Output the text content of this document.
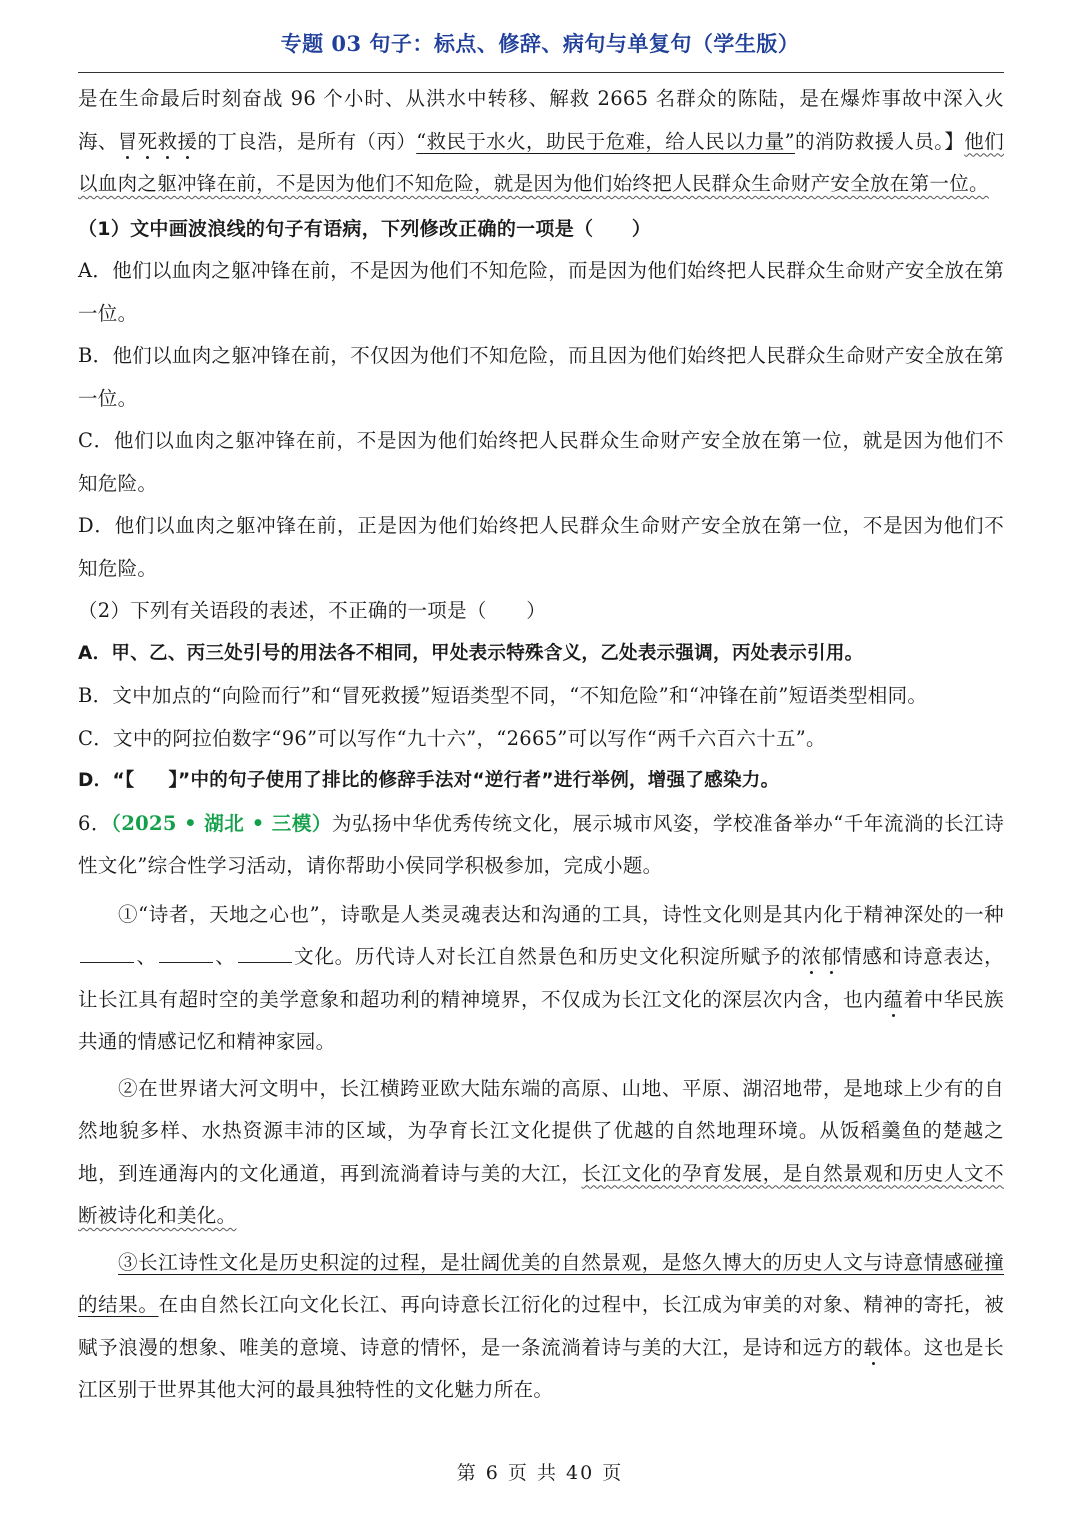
专题 03 句子：标点、修辞、病句与单复句（学生版）

是在生命最后时刻奋战 96 个小时、从洪水中转移、解救 2665 名群众的陈陆，是在爆炸事故中深入火海、冒死救援的丁良浩，是所有（丙）“救民于水火，助民于危难，给人民以力量”的消防救援人员。】他们以血肉之躯冲锋在前，不是因为他们不知危险，就是因为他们始终把人民群众生命财产安全放在第一位。

（1）文中画波浪线的句子有语病，下列修改正确的一项是（　　）

A．他们以血肉之躯冲锋在前，不是因为他们不知危险，而是因为他们始终把人民群众生命财产安全放在第一位。

B．他们以血肉之躯冲锋在前，不仅因为他们不知危险，而且因为他们始终把人民群众生命财产安全放在第一位。

C．他们以血肉之躯冲锋在前，不是因为他们始终把人民群众生命财产安全放在第一位，就是因为他们不知危险。

D．他们以血肉之躯冲锋在前，正是因为他们始终把人民群众生命财产安全放在第一位，不是因为他们不知危险。

（2）下列有关语段的表述，不正确的一项是（　　）

A．甲、乙、丙三处引号的用法各不相同，甲处表示特殊含义，乙处表示强调，丙处表示引用。

B．文中加点的“向险而行”和“冒死救援”短语类型不同，“不知危险”和“冲锋在前”短语类型相同。

C．文中的阿拉伯数字“96”可以写作“九十六”，“2665”可以写作“两千六百六十五”。

D．“【 】”中的句子使用了排比的修辞手法对“逆行者”进行举例，增强了感染力。

6．（2025 • 湖北 • 三模）为弘扬中华优秀传统文化，展示城市风姿，学校准备举办“千年流淌的长江诗性文化”综合性学习活动，请你帮助小侯同学积极参加，完成小题。

①“诗者，天地之心也”，诗歌是人类灵魂表达和沟通的工具，诗性文化则是其内化于精神深处的一种、	、	文化。历代诗人对长江自然景色和历史文化积淀所赋予的浓郁情感和诗意表达，让长江具有超时空的美学意象和超功利的精神境界，不仅成为长江文化的深层次内含，也内蕴着中华民族共通的情感记忆和精神家园。

②在世界诸大河文明中，长江横跨亚欧大陆东端的高原、山地、平原、湖沼地带，是地球上少有的自然地貌多样、水热资源丰沛的区域，为孕育长江文化提供了优越的自然地理环境。从饭稻羹鱼的楚越之地，到连通海内的文化通道，再到流淌着诗与美的大江，长江文化的孕育发展，是自然景观和历史人文不断被诗化和美化。

③长江诗性文化是历史积淀的过程，是壮阔优美的自然景观，是悠久博大的历史人文与诗意情感碰撞的结果。在由自然长江向文化长江、再向诗意长江衍化的过程中，长江成为审美的对象、精神的寄托，被赋予浪漫的想象、唯美的意境、诗意的情怀，是一条流淌着诗与美的大江，是诗和远方的载体。这也是长江区别于世界其他大河的最具独特性的文化魅力所在。

第 6 页 共 40 页
